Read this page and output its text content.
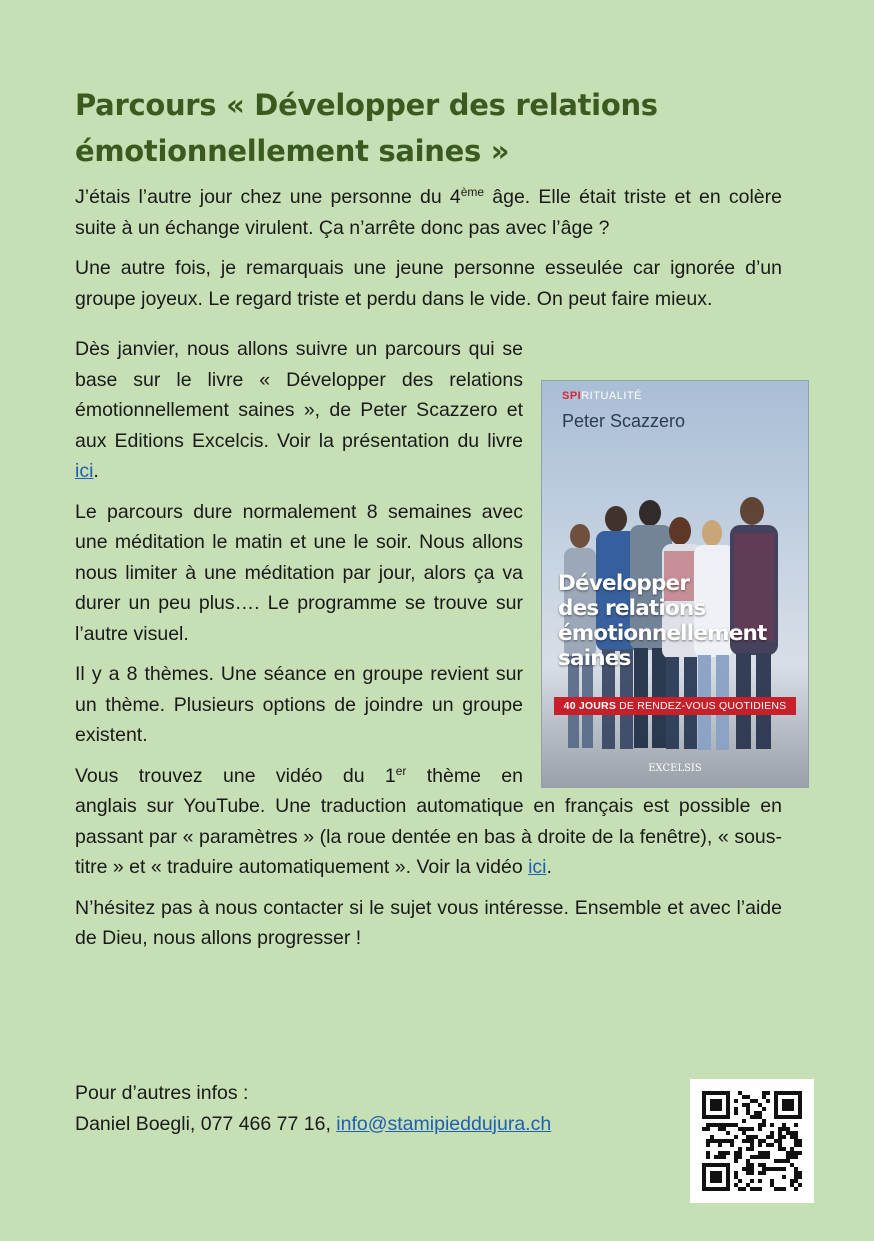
Parcours « Développer des relations émotionnellement saines »

J’étais l’autre jour chez une personne du 4ème âge. Elle était triste et en colère suite à un échange virulent. Ça n’arrête donc pas avec l’âge ?

Une autre fois, je remarquais une jeune personne esseulée car ignorée d’un groupe joyeux. Le regard triste et perdu dans le vide. On peut faire mieux.

Dès janvier, nous allons suivre un parcours qui se base sur le livre « Développer des relations émotionnellement saines », de Peter Scazzero et aux Editions Excelcis. Voir la présentation du livre ici.

Le parcours dure normalement 8 semaines avec une méditation le matin et une le soir. Nous allons nous limiter à une méditation par jour, alors ça va durer un peu plus…. Le programme se trouve sur l’autre visuel.

Il y a 8 thèmes. Une séance en groupe revient sur un thème. Plusieurs options de joindre un groupe existent.

Vous trouvez une vidéo du 1er thème en
anglais sur YouTube. Une traduction automatique en français est possible en passant par « paramètres » (la roue dentée en bas à droite de la fenêtre), « sous-titre » et « traduire automatiquement ». Voir la vidéo ici.

N’hésitez pas à nous contacter si le sujet vous intéresse. Ensemble et avec l’aide de Dieu, nous allons progresser !

SPIRITUALITÉ
Peter Scazzero
Développer
des relations
émotionnellement
saines
40 JOURS DE RENDEZ-VOUS QUOTIDIENS
EXCELSIS

Pour d’autres infos :

Daniel Boegli, 077 466 77 16, info@stamipieddujura.ch
